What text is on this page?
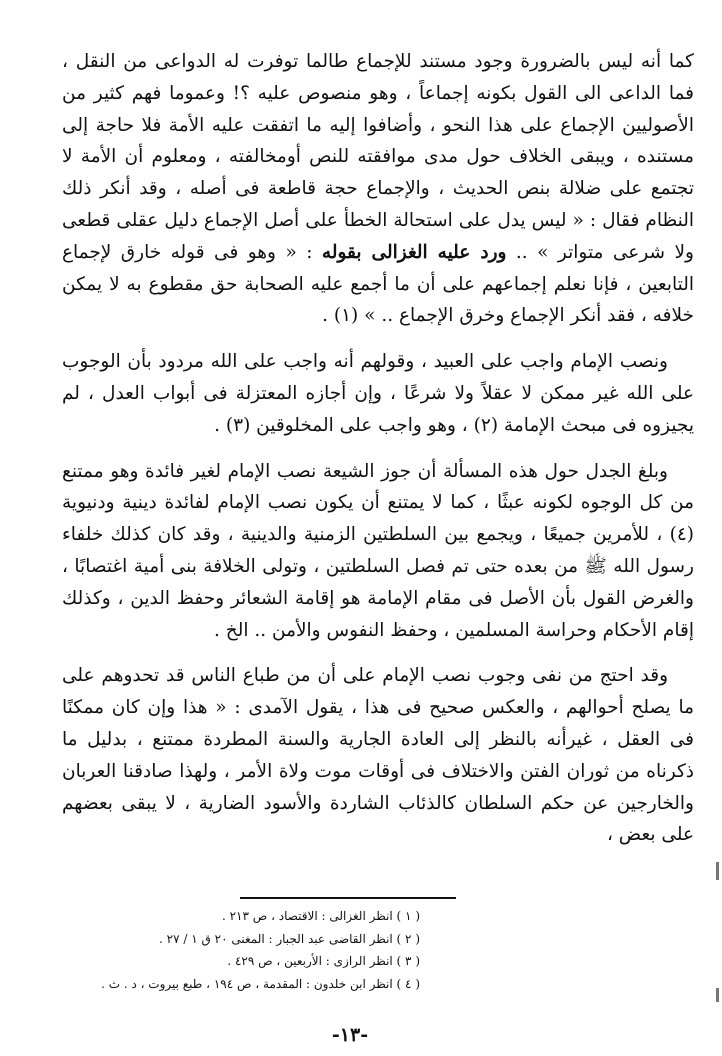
كما أنه ليس بالضرورة وجود مستند للإجماع طالما توفرت له الدواعى من النقل ، فما الداعى الى القول بكونه إجماعاً ، وهو منصوص عليه ؟! وعموما فهم كثير من الأصوليين الإجماع على هذا النحو ، وأضافوا إليه ما اتفقت عليه الأمة فلا حاجة إلى مستنده ، ويبقى الخلاف حول مدى موافقته للنص أومخالفته ، ومعلوم أن الأمة لا تجتمع على ضلالة بنص الحديث ، والإجماع حجة قاطعة فى أصله ، وقد أنكر ذلك النظام فقال : « ليس يدل على استحالة الخطأ على أصل الإجماع دليل عقلى قطعى ولا شرعى متواتر » .. ورد عليه الغزالى بقوله : « وهو فى قوله خارق لإجماع التابعين ، فإنا نعلم إجماعهم على أن ما أجمع عليه الصحابة حق مقطوع به لا يمكن خلافه ، فقد أنكر الإجماع وخرق الإجماع .. » (١) .

ونصب الإمام واجب على العبيد ، وقولهم أنه واجب على الله مردود بأن الوجوب على الله غير ممكن لا عقلاً ولا شرعًا ، وإن أجازه المعتزلة فى أبواب العدل ، لم يجيزوه فى مبحث الإمامة (٢) ، وهو واجب على المخلوقين (٣) .

وبلغ الجدل حول هذه المسألة أن جوز الشيعة نصب الإمام لغير فائدة وهو ممتنع من كل الوجوه لكونه عبثًا ، كما لا يمتنع أن يكون نصب الإمام لفائدة دينية ودنيوية (٤) ، للأمرين جميعًا ، ويجمع بين السلطتين الزمنية والدينية ، وقد كان كذلك خلفاء رسول الله ﷺ من بعده حتى تم فصل السلطتين ، وتولى الخلافة بنى أمية اغتصابًا ، والغرض القول بأن الأصل فى مقام الإمامة هو إقامة الشعائر وحفظ الدين ، وكذلك إقام الأحكام وحراسة المسلمين ، وحفظ النفوس والأمن .. الخ .

وقد احتج من نفى وجوب نصب الإمام على أن من طباع الناس قد تحدوهم على ما يصلح أحوالهم ، والعكس صحيح فى هذا ، يقول الآمدى : « هذا وإن كان ممكنًا فى العقل ، غيرأنه بالنظر إلى العادة الجارية والسنة المطردة ممتنع ، بدليل ما ذكرناه من ثوران الفتن والاختلاف فى أوقات موت ولاة الأمر ، ولهذا صادقنا العربان والخارجين عن حكم السلطان كالذئاب الشاردة والأسود الضارية ، لا يبقى بعضهم على بعض ،

( ١ ) انظر الغزالى : الاقتصاد ، ص ٢١٣ .
( ٢ ) انظر القاضى عبد الجبار : المغنى ٢٠ ق ١ / ٢٧ .
( ٣ ) انظر الرازى : الأربعين ، ص ٤٢٩ .
( ٤ ) انظر ابن خلدون : المقدمة ، ص ١٩٤ ، طبع بيروت ، د . ث .
-١٣-
